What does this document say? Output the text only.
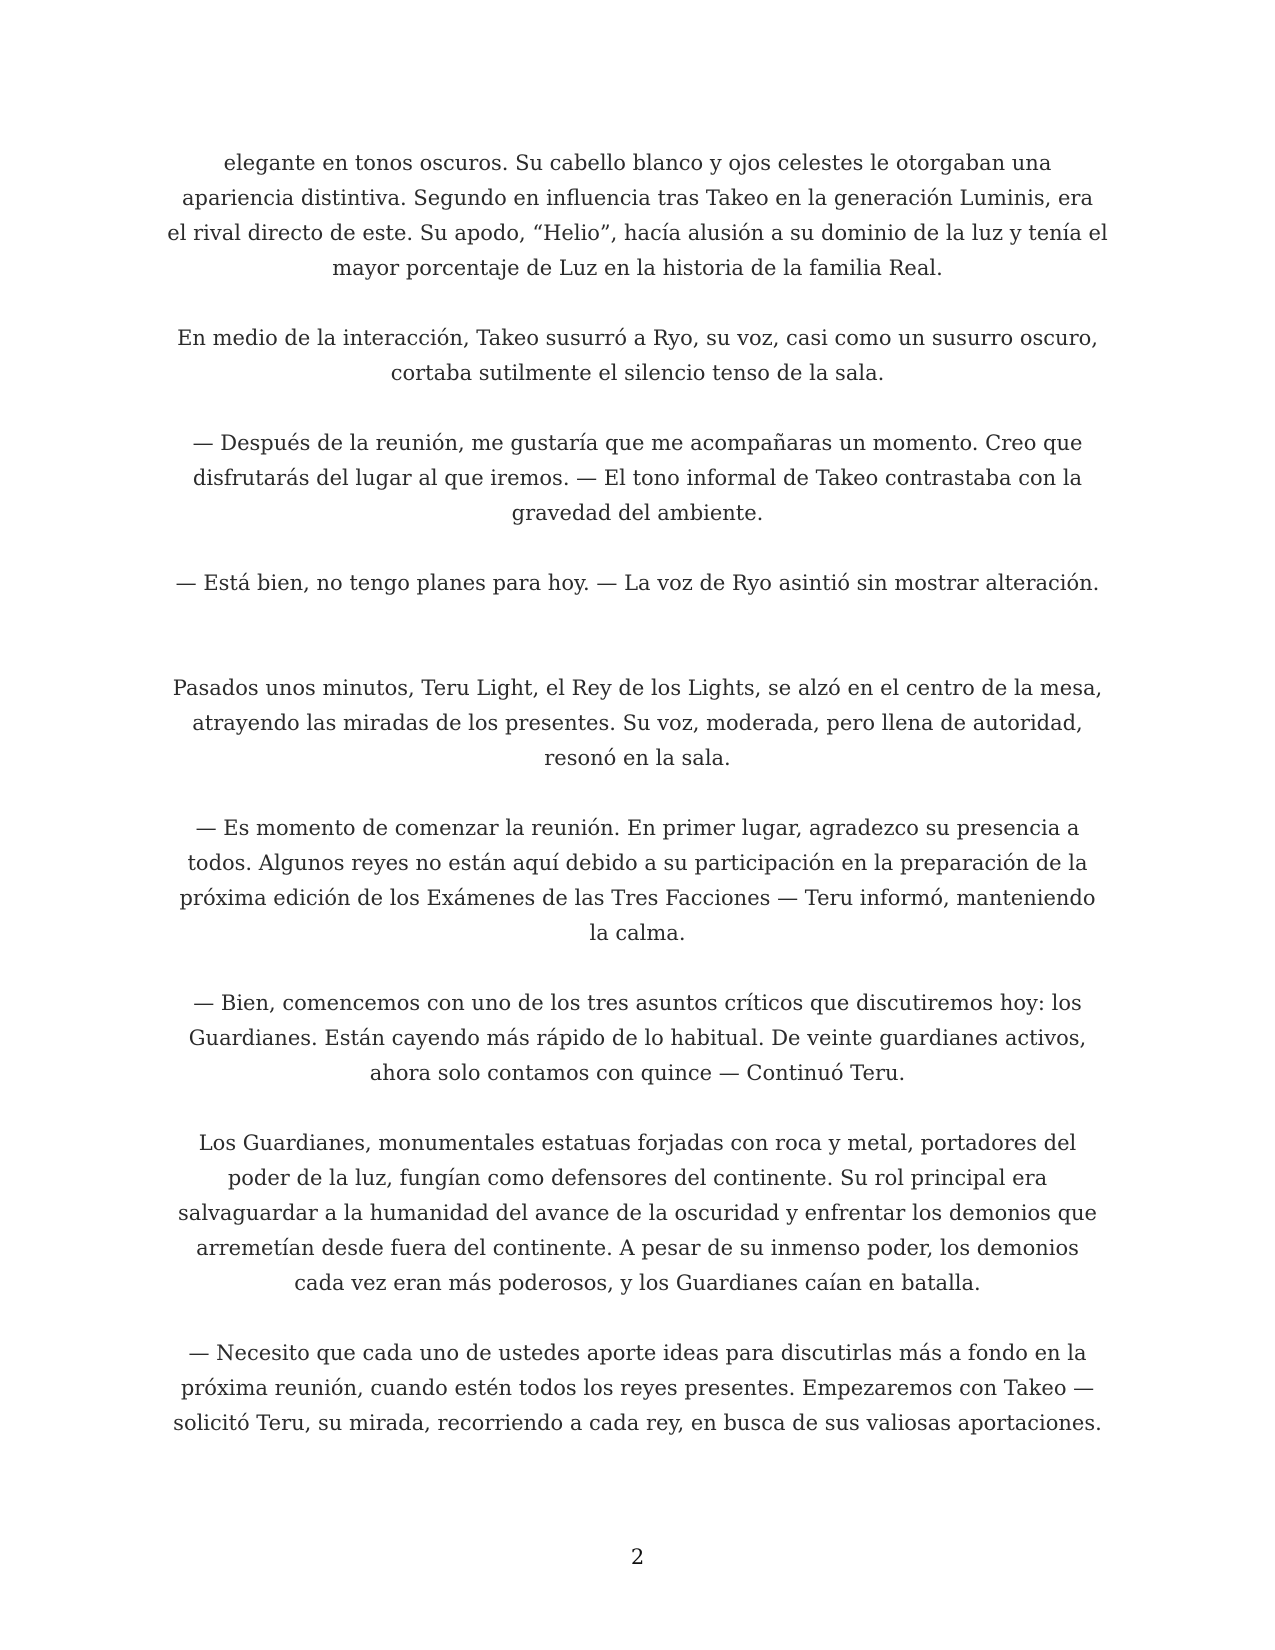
elegante en tonos oscuros. Su cabello blanco y ojos celestes le otorgaban una
apariencia distintiva. Segundo en influencia tras Takeo en la generación Luminis, era
el rival directo de este. Su apodo, “Helio”, hacía alusión a su dominio de la luz y tenía el
mayor porcentaje de Luz en la historia de la familia Real.

En medio de la interacción, Takeo susurró a Ryo, su voz, casi como un susurro oscuro,
cortaba sutilmente el silencio tenso de la sala.

— Después de la reunión, me gustaría que me acompañaras un momento. Creo que
disfrutarás del lugar al que iremos. — El tono informal de Takeo contrastaba con la
gravedad del ambiente.

— Está bien, no tengo planes para hoy. — La voz de Ryo asintió sin mostrar alteración.

Pasados unos minutos, Teru Light, el Rey de los Lights, se alzó en el centro de la mesa,
atrayendo las miradas de los presentes. Su voz, moderada, pero llena de autoridad,
resonó en la sala.

— Es momento de comenzar la reunión. En primer lugar, agradezco su presencia a
todos. Algunos reyes no están aquí debido a su participación en la preparación de la
próxima edición de los Exámenes de las Tres Facciones — Teru informó, manteniendo
la calma.

— Bien, comencemos con uno de los tres asuntos críticos que discutiremos hoy: los
Guardianes. Están cayendo más rápido de lo habitual. De veinte guardianes activos,
ahora solo contamos con quince — Continuó Teru.

Los Guardianes, monumentales estatuas forjadas con roca y metal, portadores del
poder de la luz, fungían como defensores del continente. Su rol principal era
salvaguardar a la humanidad del avance de la oscuridad y enfrentar los demonios que
arremetían desde fuera del continente. A pesar de su inmenso poder, los demonios
cada vez eran más poderosos, y los Guardianes caían en batalla.

— Necesito que cada uno de ustedes aporte ideas para discutirlas más a fondo en la
próxima reunión, cuando estén todos los reyes presentes. Empezaremos con Takeo —
solicitó Teru, su mirada, recorriendo a cada rey, en busca de sus valiosas aportaciones.

2
